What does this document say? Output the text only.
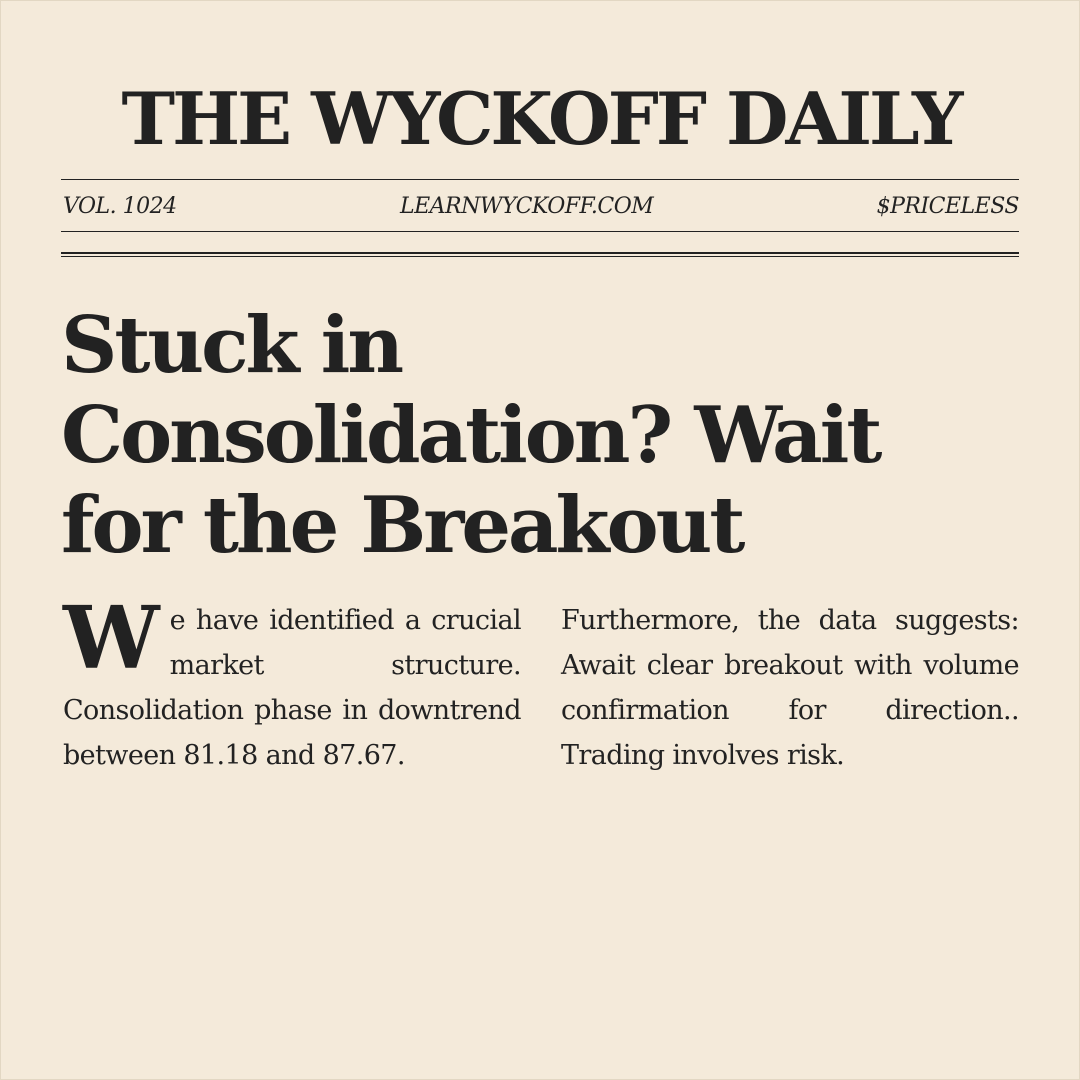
THE WYCKOFF DAILY
VOL. 1024	LEARNWYCKOFF.COM	$PRICELESS
Stuck in Consolidation? Wait for the Breakout

We have identified a crucial market structure. Consolidation phase in downtrend between 81.18 and 87.67.

Furthermore, the data suggests: Await clear breakout with volume confirmation for direction.. Trading involves risk.
